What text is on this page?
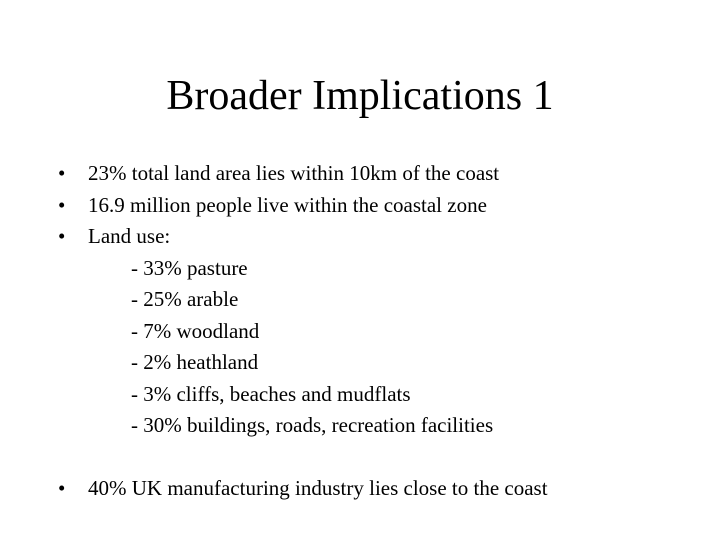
Broader Implications 1
•	23% total land area lies within 10km of the coast
•	16.9 million people live within the coastal zone
•	Land use:
- 33% pasture
- 25% arable
- 7% woodland
- 2% heathland
- 3% cliffs, beaches and mudflats
- 30% buildings, roads, recreation facilities
•	40% UK manufacturing industry lies close to the coast
